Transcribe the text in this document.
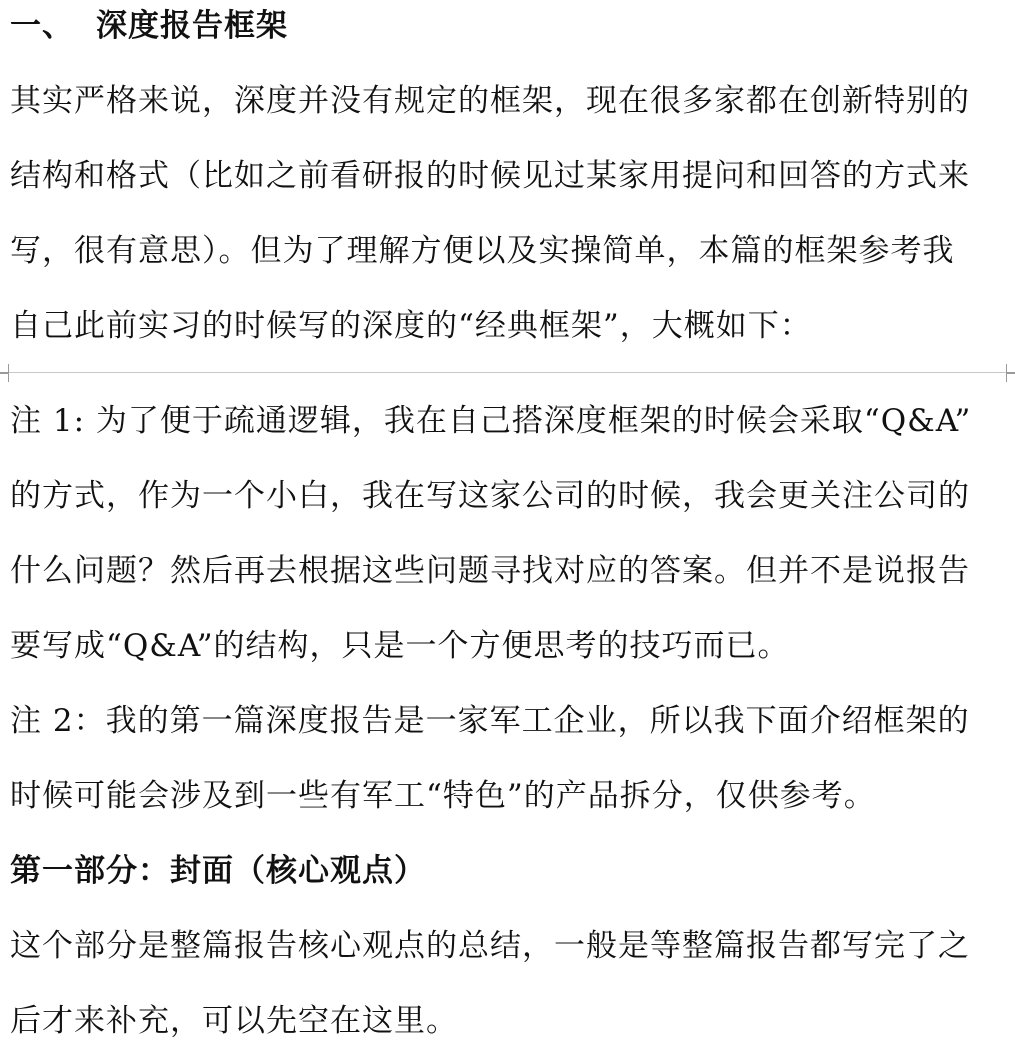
一、 深度报告框架
其实严格来说，深度并没有规定的框架，现在很多家都在创新特别的
结构和格式（比如之前看研报的时候见过某家用提问和回答的方式来
写，很有意思）。但为了理解方便以及实操简单，本篇的框架参考我
自己此前实习的时候写的深度的“经典框架”，大概如下：
注 1: 为了便于疏通逻辑，我在自己搭深度框架的时候会采取“Q&A”
的方式，作为一个小白，我在写这家公司的时候，我会更关注公司的
什么问题？然后再去根据这些问题寻找对应的答案。但并不是说报告
要写成“Q&A”的结构，只是一个方便思考的技巧而已。
注 2：我的第一篇深度报告是一家军工企业，所以我下面介绍框架的
时候可能会涉及到一些有军工“特色”的产品拆分，仅供参考。
第一部分：封面（核心观点）
这个部分是整篇报告核心观点的总结，一般是等整篇报告都写完了之
后才来补充，可以先空在这里。
